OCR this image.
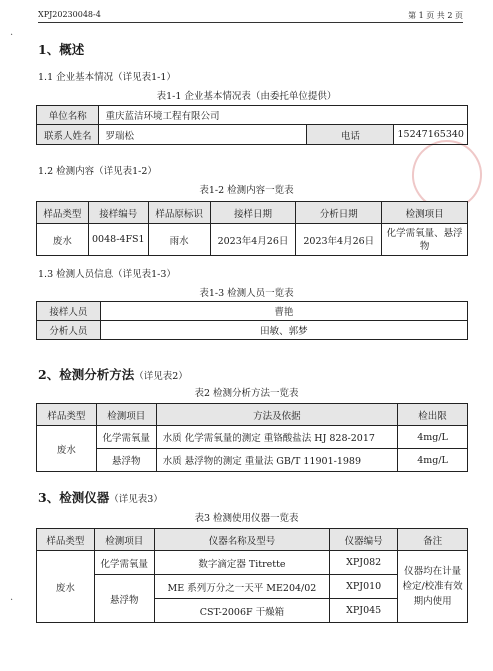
XPJ20230048-4	第 1 页 共 2 页
·
·
1、概述
1.1 企业基本情况（详见表1-1）
表1-1 企业基本情况表（由委托单位提供）
单位名称	重庆蓝洁环境工程有限公司		
联系人姓名	罗瑞松	电话	15247165340
1.2 检测内容（详见表1-2）
表1-2 检测内容一览表
样品类型	接样编号	样品原标识	接样日期	分析日期	检测项目
废水	0048-4FS1	雨水	2023年4月26日	2023年4月26日	化学需氧量、悬浮物
1.3 检测人员信息（详见表1-3）
表1-3 检测人员一览表
接样人员	曹艳
分析人员	田敏、郭梦
2、检测分析方法（详见表2）
表2 检测分析方法一览表
样品类型	检测项目	方法及依据	检出限
废水	化学需氧量	水质 化学需氧量的测定 重铬酸盐法 HJ 828-2017	4mg/L
	悬浮物	水质 悬浮物的测定 重量法 GB/T 11901-1989	4mg/L
3、检测仪器（详见表3）
表3 检测使用仪器一览表
样品类型	检测项目	仪器名称及型号	仪器编号	备注
废水	化学需氧量	数字滴定器 Titrette	XPJ082	仪器均在计量检定/校准有效期内使用
	悬浮物	ME 系列万分之一天平 ME204/02	XPJ010	
		CST-2006F 干燥箱	XPJ045	
